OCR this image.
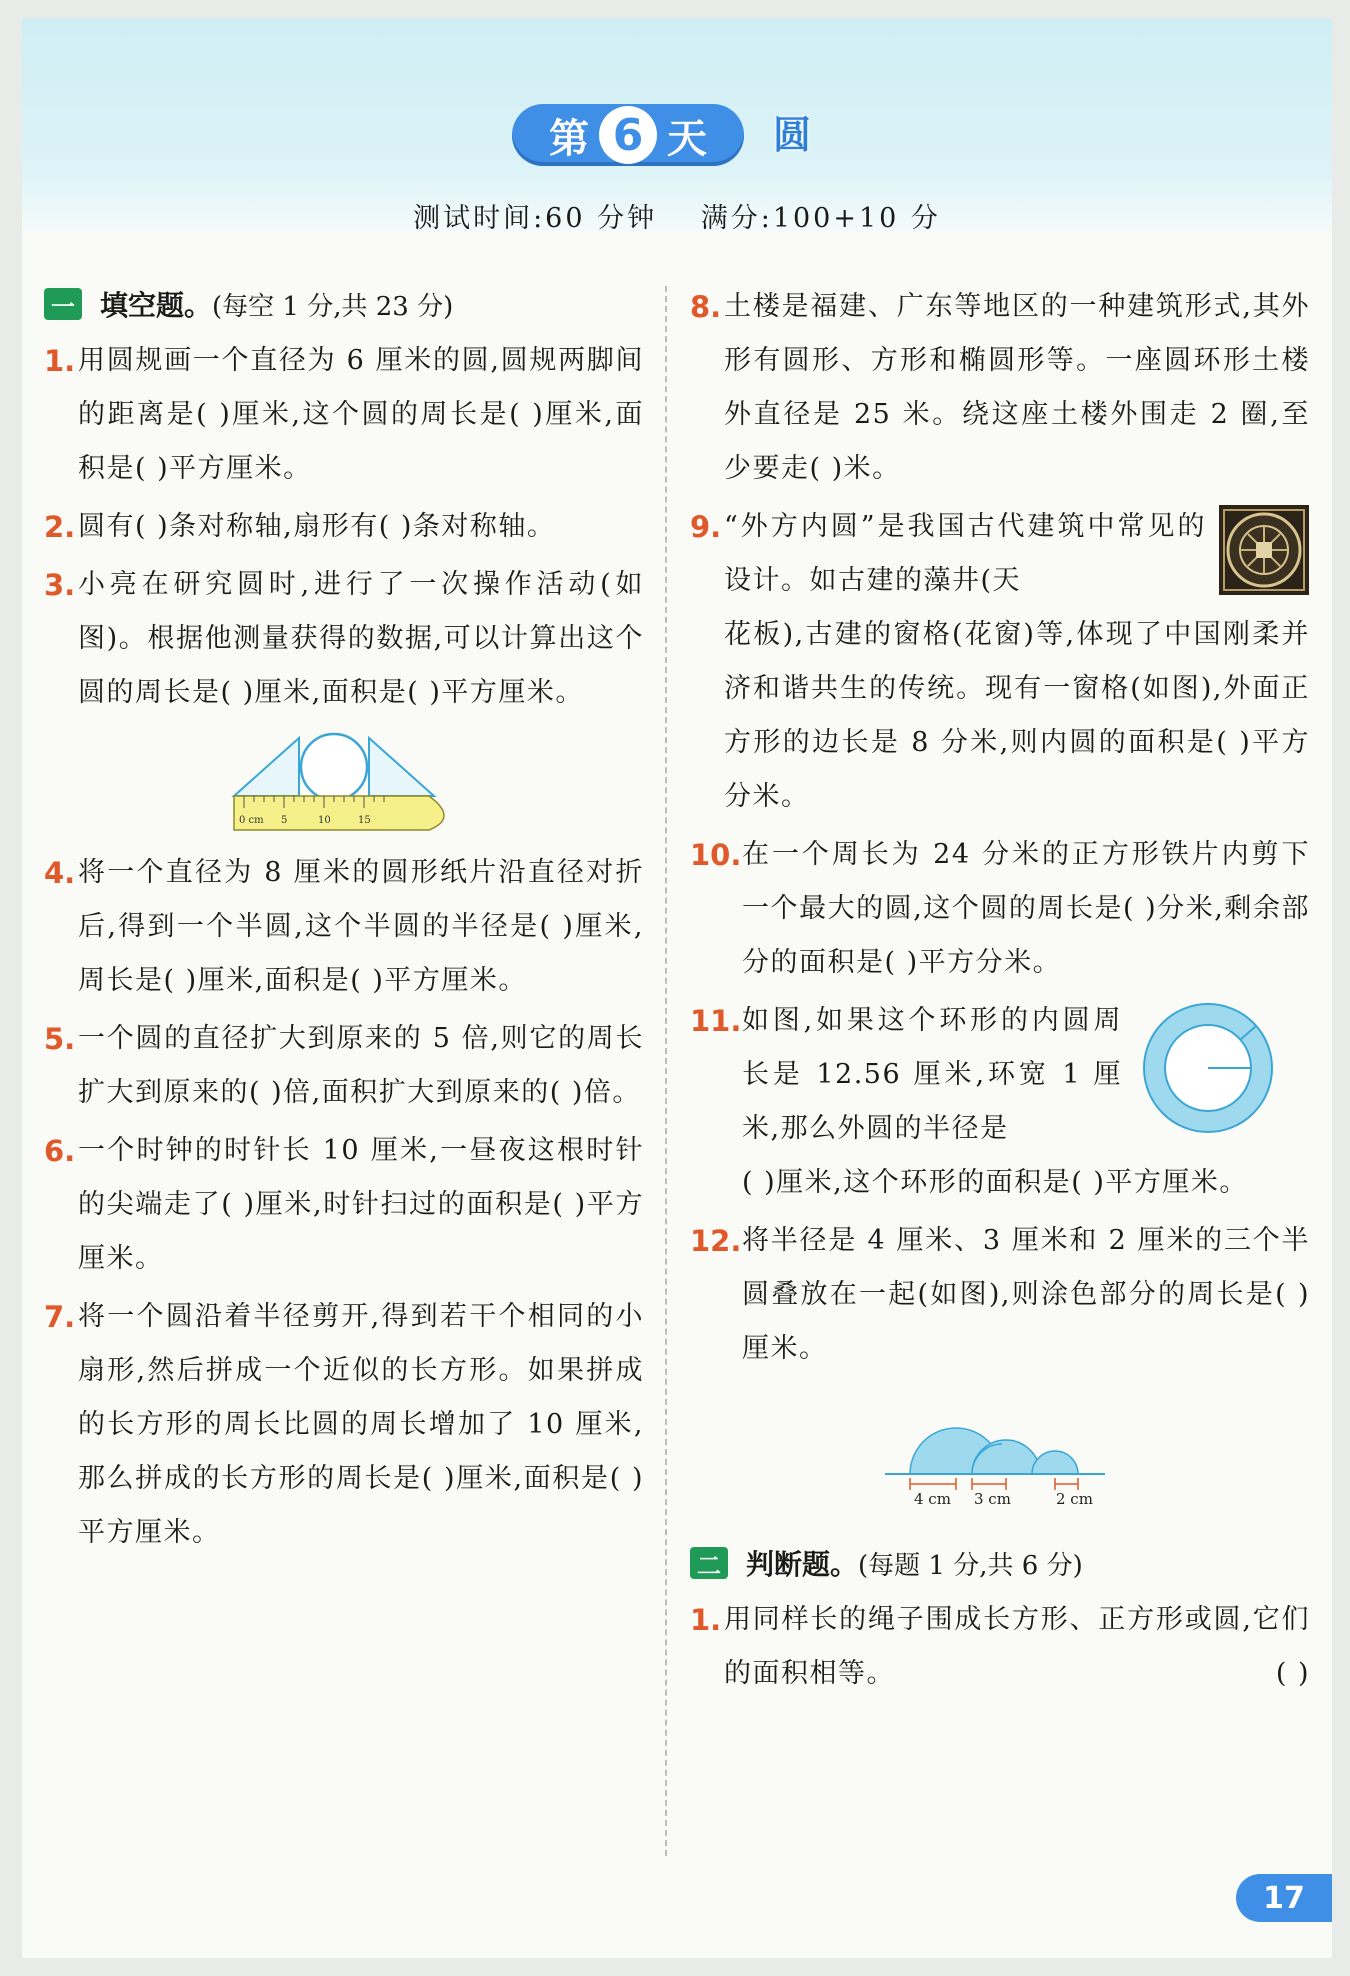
第 6 天 圆
测试时间:60 分钟 满分:100+10 分
一 填空题。 (每空 1 分,共 23 分)
1. 用圆规画一个直径为 6 厘米的圆,圆规两脚间的距离是( )厘米,这个圆的周长是( )厘米,面积是( )平方厘米。
2. 圆有( )条对称轴,扇形有( )条对称轴。
3. 小亮在研究圆时,进行了一次操作活动(如图)。根据他测量获得的数据,可以计算出这个圆的周长是( )厘米,面积是( )平方厘米。
0 cm 5	10	15
4. 将一个直径为 8 厘米的圆形纸片沿直径对折后,得到一个半圆,这个半圆的半径是( )厘米,周长是( )厘米,面积是( )平方厘米。
5. 一个圆的直径扩大到原来的 5 倍,则它的周长扩大到原来的( )倍,面积扩大到原来的( )倍。
6. 一个时钟的时针长 10 厘米,一昼夜这根时针的尖端走了( )厘米,时针扫过的面积是( )平方厘米。
7. 将一个圆沿着半径剪开,得到若干个相同的小扇形,然后拼成一个近似的长方形。如果拼成的长方形的周长比圆的周长增加了 10 厘米,那么拼成的长方形的周长是( )厘米,面积是( )平方厘米。
8. 土楼是福建、广东等地区的一种建筑形式,其外形有圆形、方形和椭圆形等。一座圆环形土楼外直径是 25 米。绕这座土楼外围走 2 圈,至少要走( )米。
9. “外方内圆”是我国古代建筑中常见的设计。如古建的藻井(天
花板),古建的窗格(花窗)等,体现了中国刚柔并济和谐共生的传统。现有一窗格(如图),外面正方形的边长是 8 分米,则内圆的面积是( )平方分米。
10. 在一个周长为 24 分米的正方形铁片内剪下一个最大的圆,这个圆的周长是( )分米,剩余部分的面积是( )平方分米。
11. 如图,如果这个环形的内圆周长是 12.56 厘米,环宽 1 厘米,那么外圆的半径是
( )厘米,这个环形的面积是( )平方厘米。
12. 将半径是 4 厘米、3 厘米和 2 厘米的三个半圆叠放在一起(如图),则涂色部分的周长是( )厘米。
4 cm 3 cm	2 cm
二 判断题。 (每题 1 分,共 6 分)
1. 用同样长的绳子围成长方形、正方形或圆,它们的面积相等。	( )
17
